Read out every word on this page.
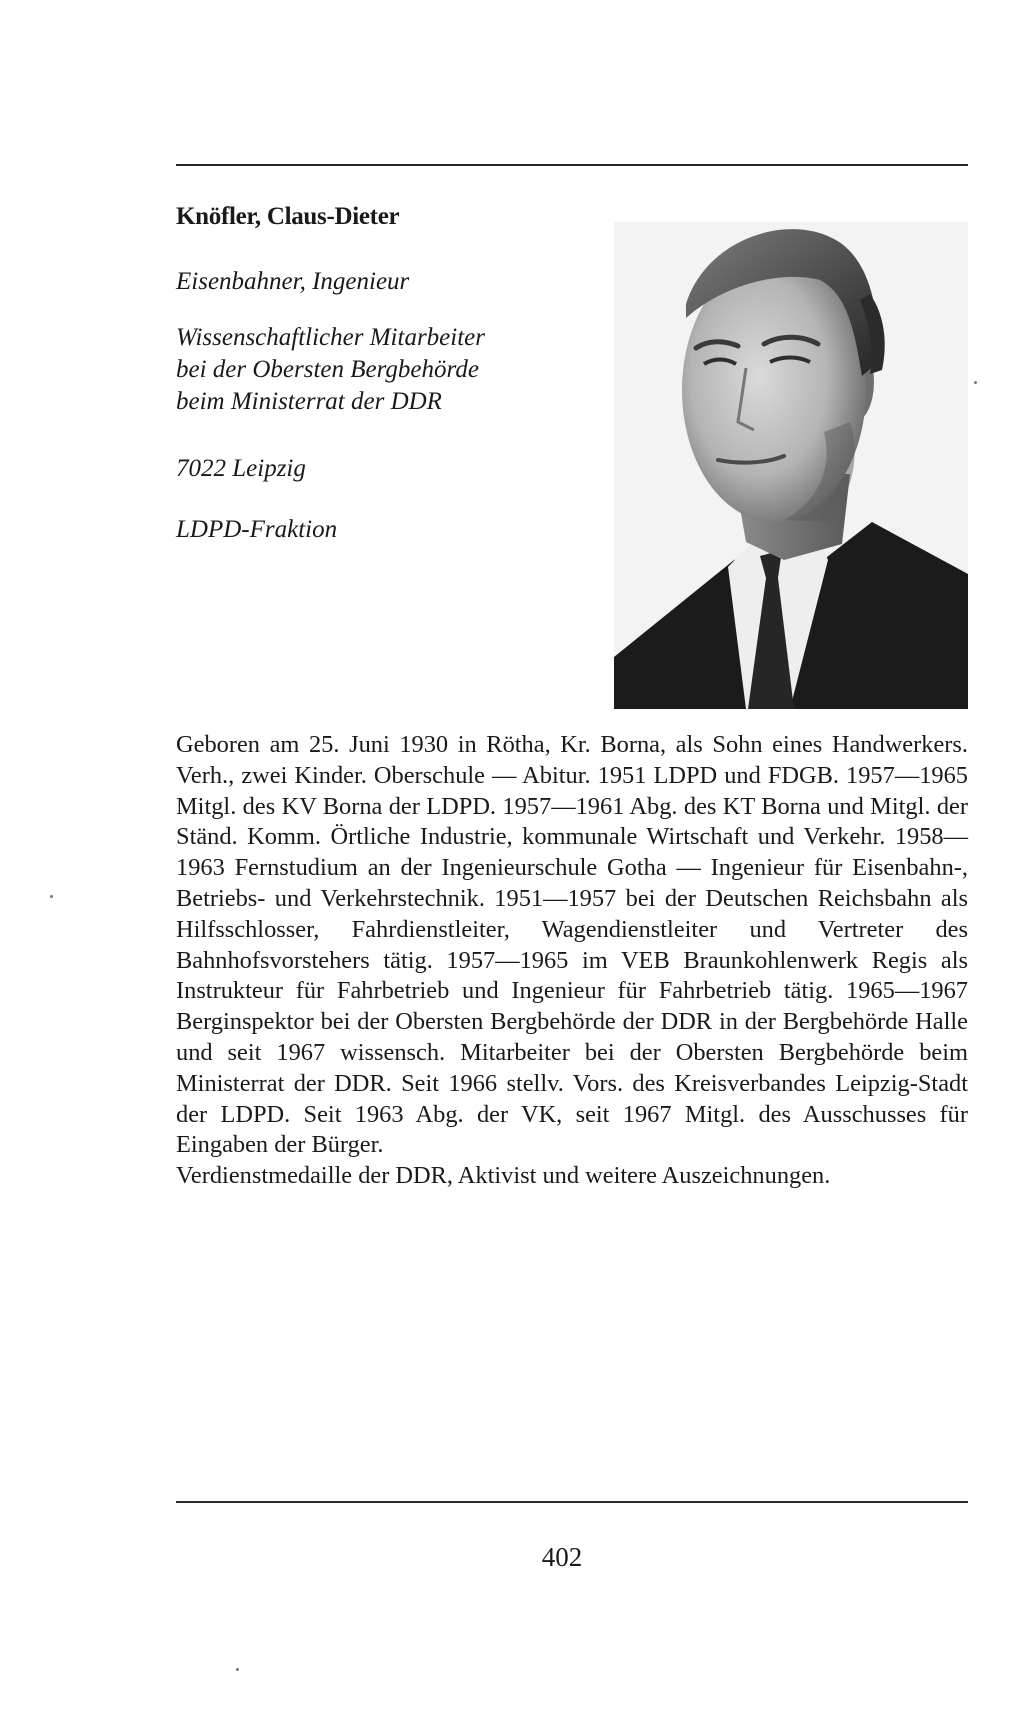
Knöfler, Claus-Dieter
Eisenbahner, Ingenieur
Wissenschaftlicher Mitarbeiter
bei der Obersten Bergbehörde
beim Ministerrat der DDR
7022 Leipzig
LDPD-Fraktion

Geboren am 25. Juni 1930 in Rötha, Kr. Borna, als Sohn eines Handwerkers. Verh., zwei Kinder. Oberschule — Abitur. 1951 LDPD und FDGB. 1957—1965 Mitgl. des KV Borna der LDPD. 1957—1961 Abg. des KT Borna und Mitgl. der Ständ. Komm. Örtliche Industrie, kommunale Wirtschaft und Verkehr. 1958—1963 Fernstudium an der Ingenieurschule Gotha — Ingenieur für Eisenbahn-, Betriebs- und Verkehrstechnik. 1951—1957 bei der Deutschen Reichsbahn als Hilfsschlosser, Fahrdienstleiter, Wagendienstleiter und Vertreter des Bahnhofsvorstehers tätig. 1957—1965 im VEB Braunkohlenwerk Regis als Instrukteur für Fahrbetrieb und Ingenieur für Fahrbetrieb tätig. 1965—1967 Berginspektor bei der Obersten Bergbehörde der DDR in der Bergbehörde Halle und seit 1967 wissensch. Mitarbeiter bei der Obersten Bergbehörde beim Ministerrat der DDR. Seit 1966 stellv. Vors. des Kreisverbandes Leipzig-Stadt der LDPD. Seit 1963 Abg. der VK, seit 1967 Mitgl. des Ausschusses für Eingaben der Bürger.

Verdienstmedaille der DDR, Aktivist und weitere Auszeichnungen.

402
